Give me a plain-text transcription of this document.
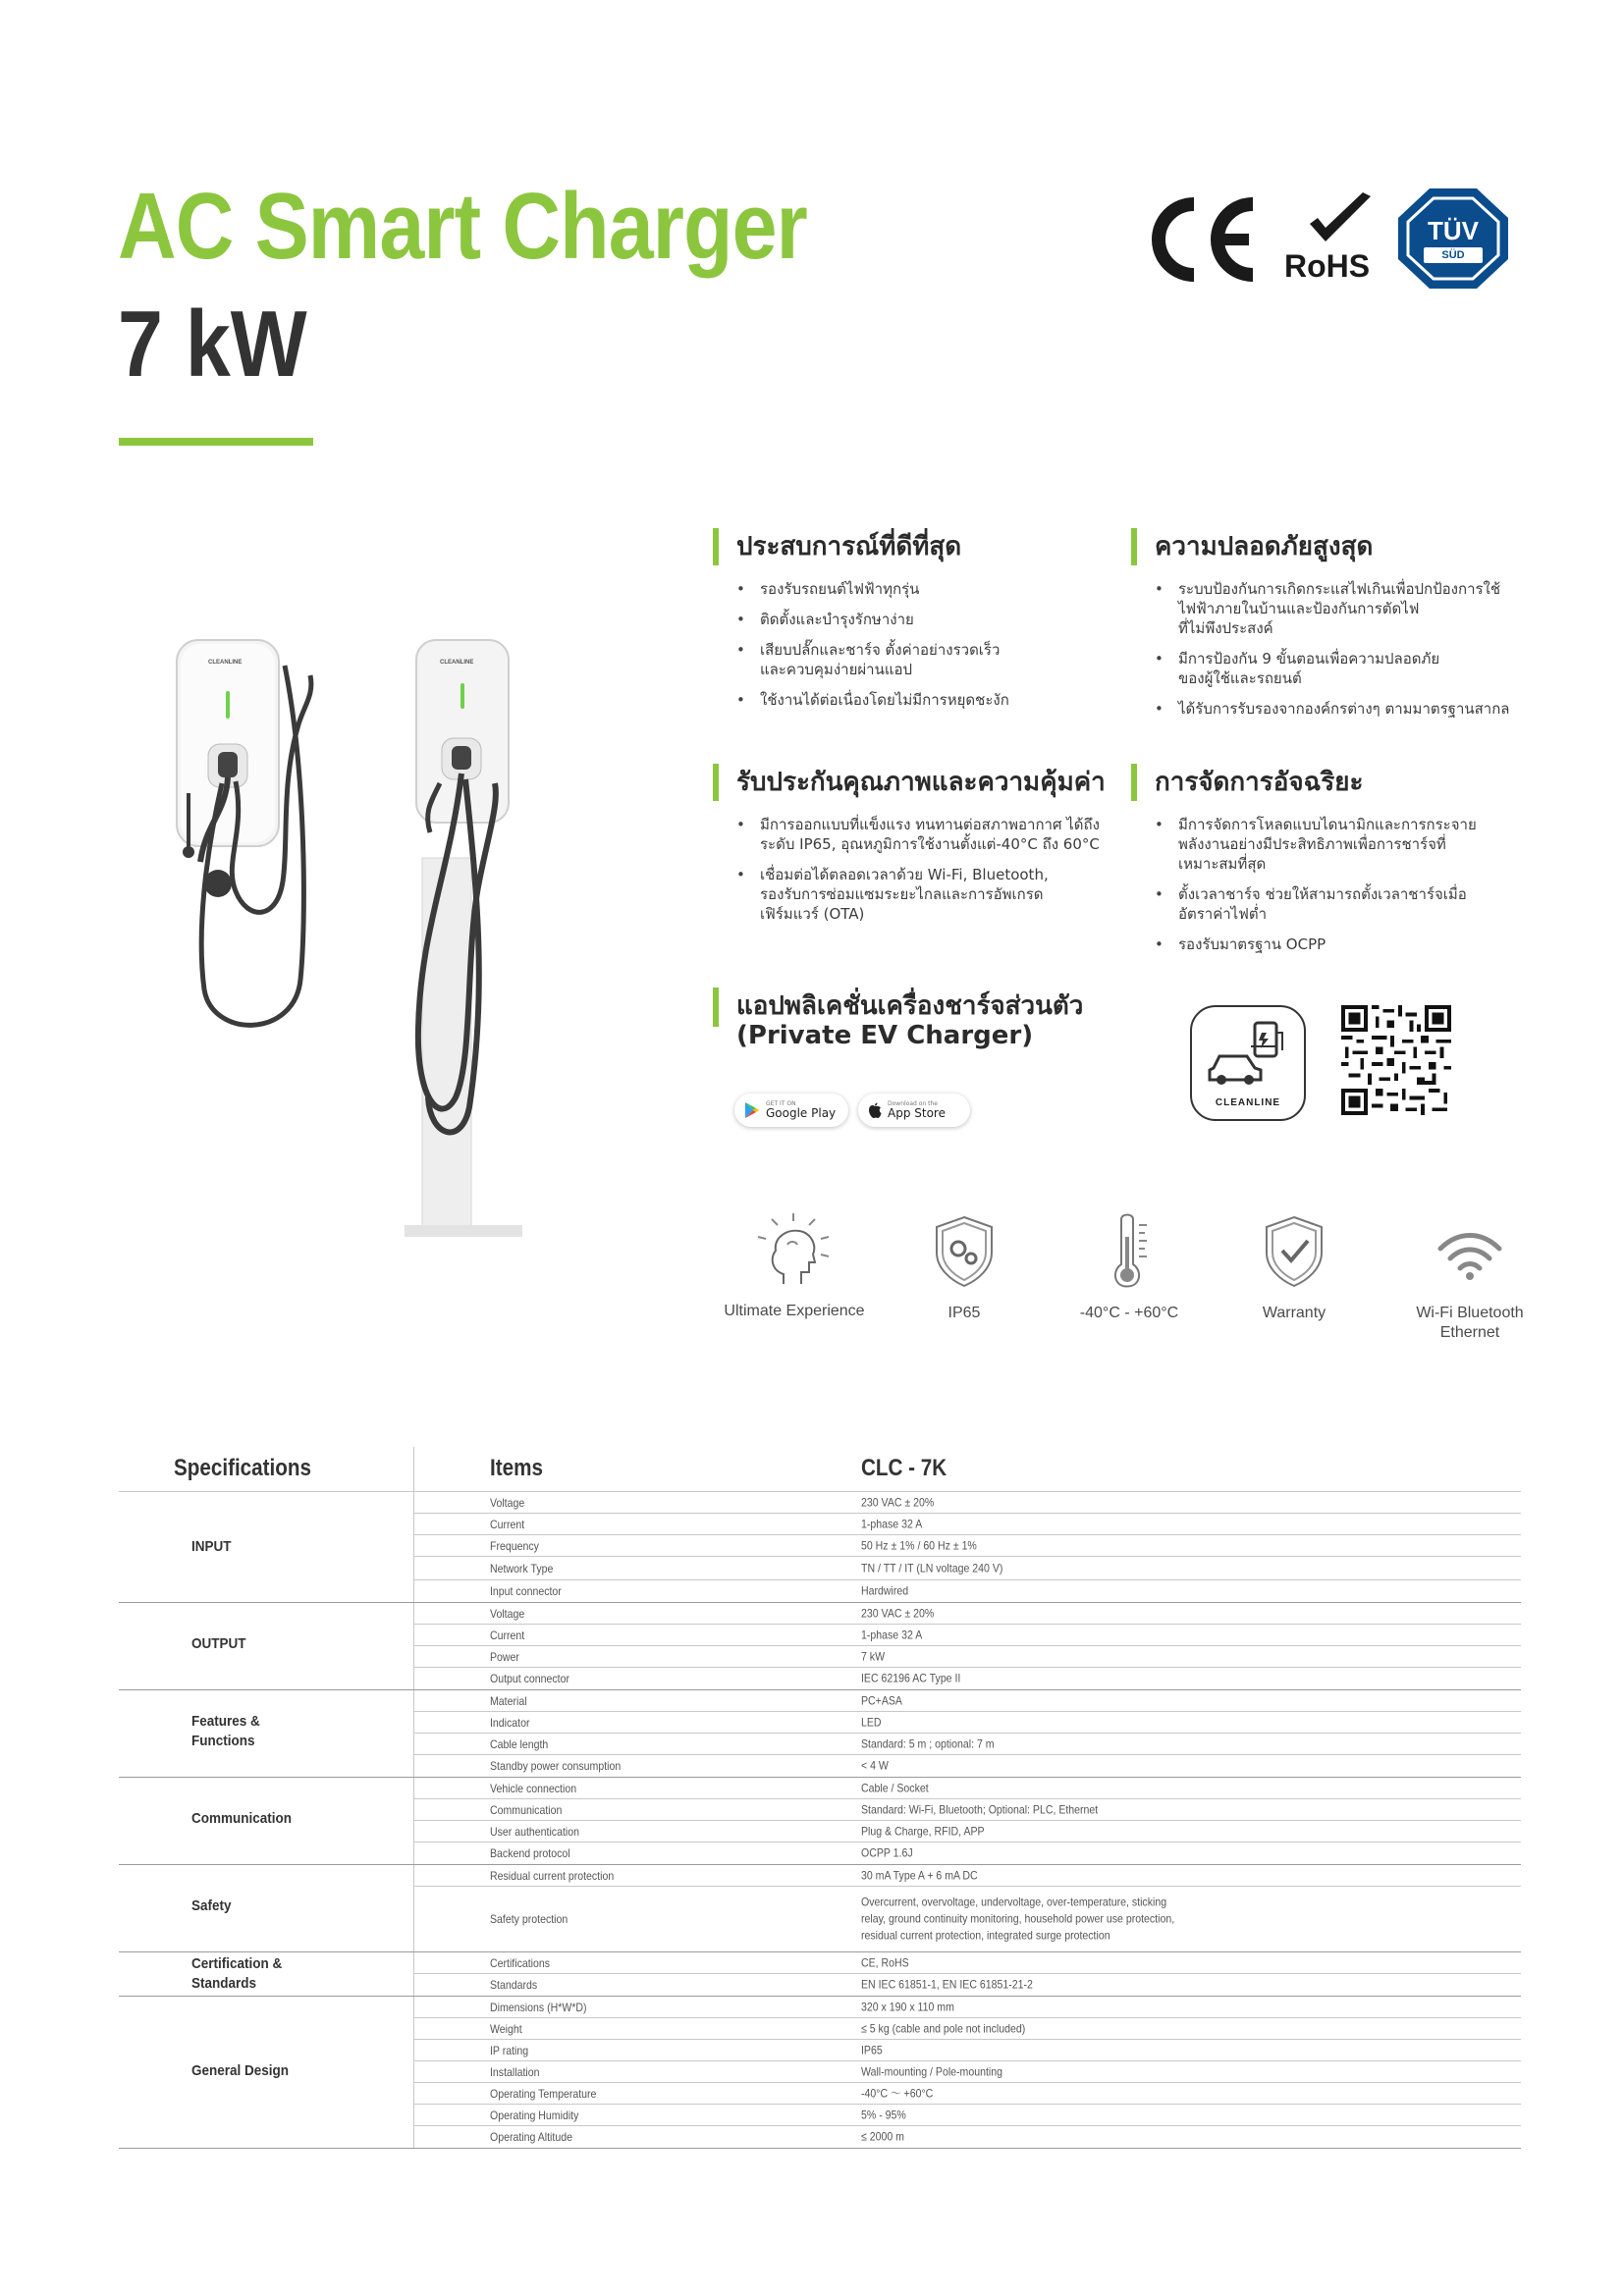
AC Smart Charger
7 kW
RoHS
TÜV
SÜD
CLEANLINE	CLEANLINE
ประสบการณ์ที่ดีที่สุด
• รองรับรถยนต์ไฟฟ้าทุกรุ่น
• ติดตั้งและบำรุงรักษาง่าย
• เสียบปลั๊กและชาร์จ ตั้งค่าอย่างรวดเร็ว
และควบคุมง่ายผ่านแอป
• ใช้งานได้ต่อเนื่องโดยไม่มีการหยุดชะงัก
ความปลอดภัยสูงสุด
• ระบบป้องกันการเกิดกระแสไฟเกินเพื่อปกป้องการใช้
ไฟฟ้าภายในบ้านและป้องกันการตัดไฟ
ที่ไม่พึงประสงค์
• มีการป้องกัน 9 ขั้นตอนเพื่อความปลอดภัย
ของผู้ใช้และรถยนต์
• ได้รับการรับรองจากองค์กรต่างๆ ตามมาตรฐานสากล
รับประกันคุณภาพและความคุ้มค่า
• มีการออกแบบที่แข็งแรง ทนทานต่อสภาพอากาศ ได้ถึง
ระดับ IP65, อุณหภูมิการใช้งานตั้งแต่-40°C ถึง 60°C
• เชื่อมต่อได้ตลอดเวลาด้วย Wi-Fi, Bluetooth,
รองรับการซ่อมแซมระยะไกลและการอัพเกรด
เฟิร์มแวร์ (OTA)
การจัดการอัจฉริยะ
• มีการจัดการโหลดแบบไดนามิกและการกระจาย
พลังงานอย่างมีประสิทธิภาพเพื่อการชาร์จที่
เหมาะสมที่สุด
• ตั้งเวลาชาร์จ ช่วยให้สามารถตั้งเวลาชาร์จเมื่อ
อัตราค่าไฟต่ำ
• รองรับมาตรฐาน OCPP
แอปพลิเคชั่นเครื่องชาร์จส่วนตัว
(Private EV Charger)
GET IT ON
Google Play
Download on the
App Store
CLEANLINE
Ultimate Experience	IP65	-40°C - +60°C	Warranty	Wi-Fi Bluetooth
Ethernet
Specifications	Items	CLC - 7K
INPUT
Voltage	230 VAC ± 20%
Current	1-phase 32 A
Frequency	50 Hz ± 1% / 60 Hz ± 1%
Network Type	TN / TT / IT (LN voltage 240 V)
Input connector	Hardwired
OUTPUT
Voltage	230 VAC ± 20%
Current	1-phase 32 A
Power	7 kW
Output connector	IEC 62196 AC Type II
Features &
Functions
Material	PC+ASA
Indicator	LED
Cable length	Standard: 5 m ; optional: 7 m
Standby power consumption	< 4 W
Communication
Vehicle connection	Cable / Socket
Communication	Standard: Wi-Fi, Bluetooth; Optional: PLC, Ethernet
User authentication	Plug & Charge, RFID, APP
Backend protocol	OCPP 1.6J
Safety
Residual current protection	30 mA Type A + 6 mA DC
Safety protection
Overcurrent, overvoltage, undervoltage, over-temperature, sticking
relay, ground continuity monitoring, household power use protection,
residual current protection, integrated surge protection
Certification &
Standards
Certifications	CE, RoHS
Standards	EN IEC 61851-1, EN IEC 61851-21-2
General Design
Dimensions (H*W*D)	320 x 190 x 110 mm
Weight	≤ 5 kg (cable and pole not included)
IP rating	IP65
Installation	Wall-mounting / Pole-mounting
Operating Temperature	-40°C ～ +60°C
Operating Humidity	5% - 95%
Operating Altitude	≤ 2000 m
